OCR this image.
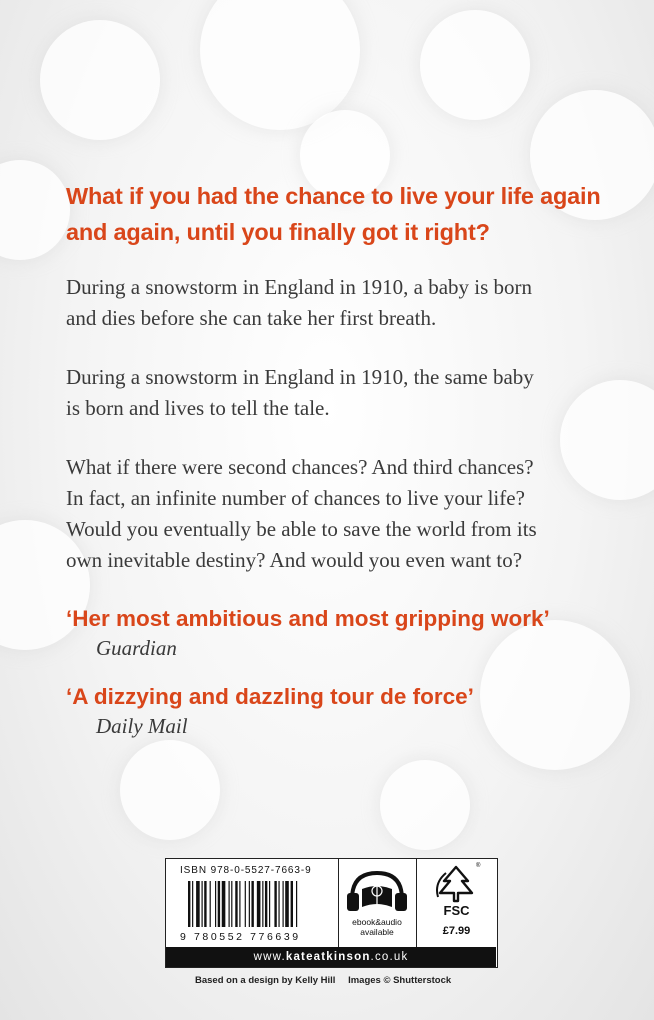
What if you had the chance to live your life again
and again, until you finally got it right?
During a snowstorm in England in 1910, a baby is born
and dies before she can take her first breath.
During a snowstorm in England in 1910, the same baby
is born and lives to tell the tale.
What if there were second chances? And third chances?
In fact, an infinite number of chances to live your life?
Would you eventually be able to save the world from its
own inevitable destiny? And would you even want to?
‘Her most ambitious and most gripping work’
Guardian
‘A dizzying and dazzling tour de force’
Daily Mail
ISBN 978-0-5527-7663-9
9 780552 776639
ebook&audio
available
®
FSC
£7.99
www.kateatkinson.co.uk
Based on a design by Kelly Hill Images © Shutterstock
